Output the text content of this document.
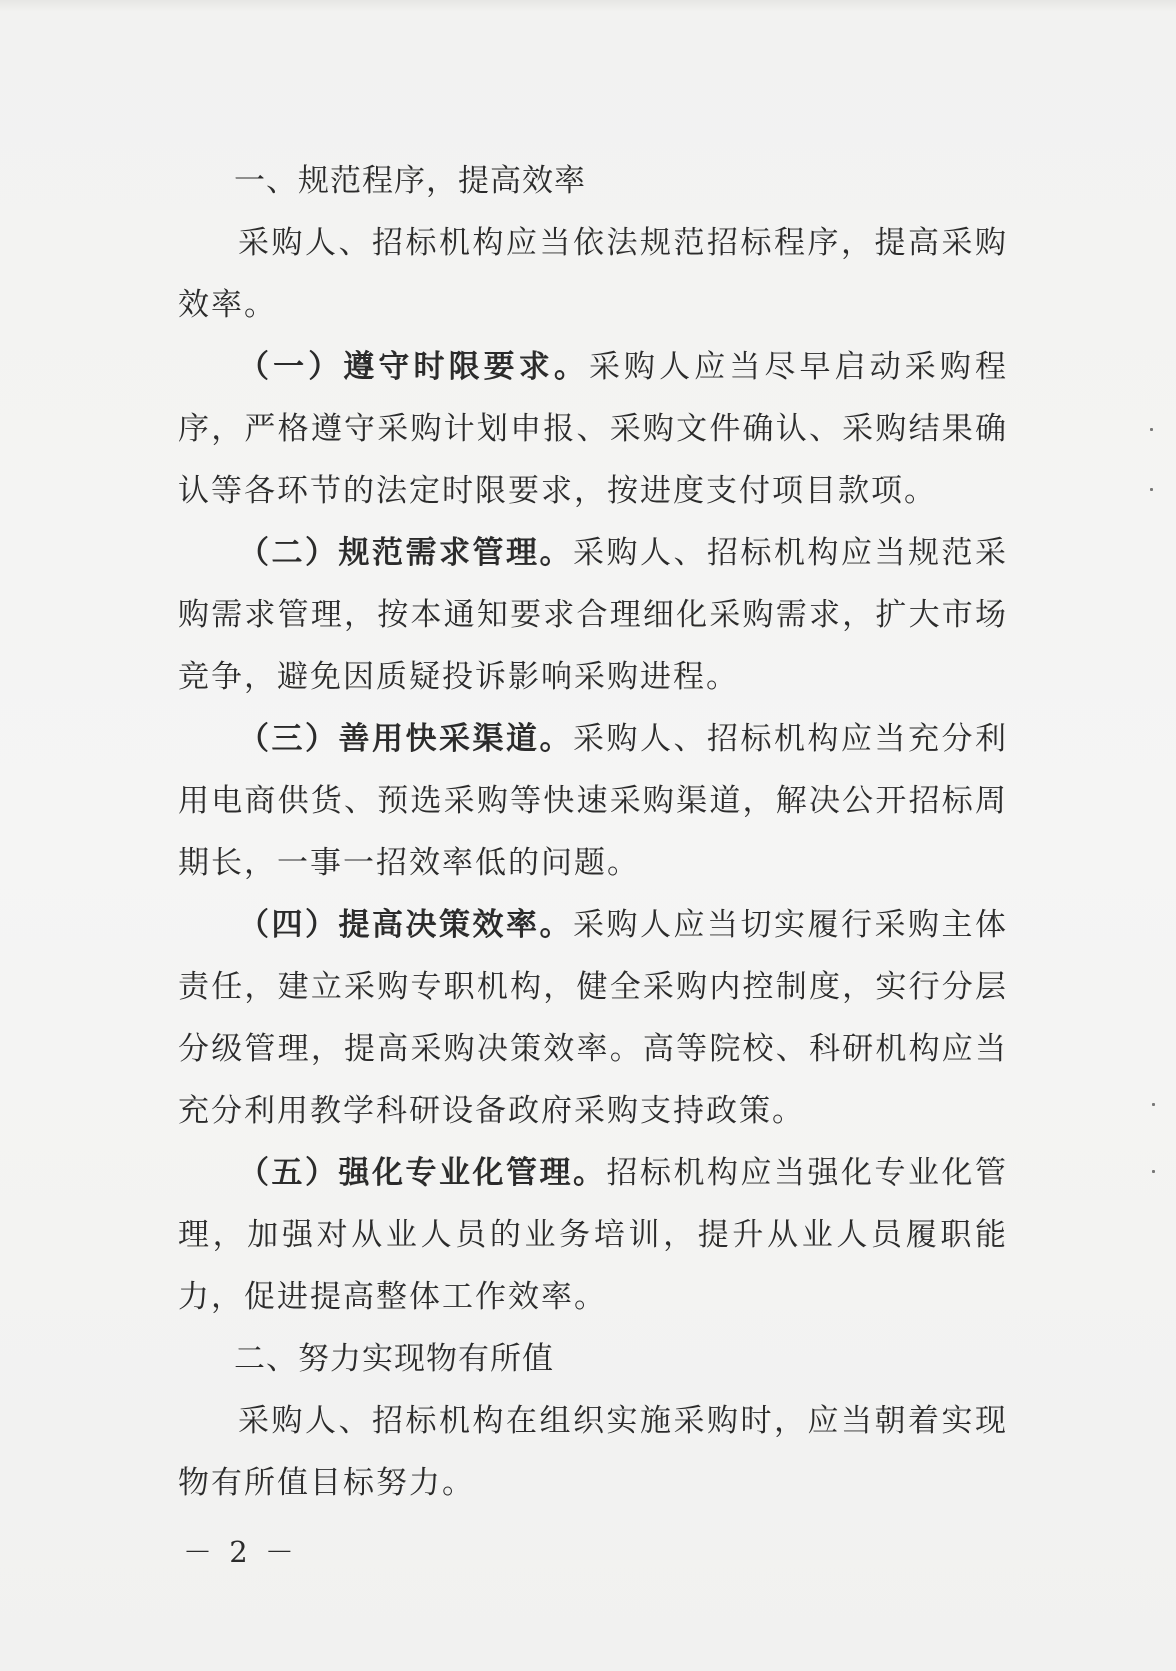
一、规范程序，提高效率

采购人、招标机构应当依法规范招标程序，提高采购效率。

（一）遵守时限要求。采购人应当尽早启动采购程序，严格遵守采购计划申报、采购文件确认、采购结果确认等各环节的法定时限要求，按进度支付项目款项。

（二）规范需求管理。采购人、招标机构应当规范采购需求管理，按本通知要求合理细化采购需求，扩大市场竞争，避免因质疑投诉影响采购进程。

（三）善用快采渠道。采购人、招标机构应当充分利用电商供货、预选采购等快速采购渠道，解决公开招标周期长，一事一招效率低的问题。

（四）提高决策效率。采购人应当切实履行采购主体责任，建立采购专职机构，健全采购内控制度，实行分层分级管理，提高采购决策效率。高等院校、科研机构应当充分利用教学科研设备政府采购支持政策。

（五）强化专业化管理。招标机构应当强化专业化管理，加强对从业人员的业务培训，提升从业人员履职能力，促进提高整体工作效率。

二、努力实现物有所值

采购人、招标机构在组织实施采购时，应当朝着实现物有所值目标努力。

－ 2 －
